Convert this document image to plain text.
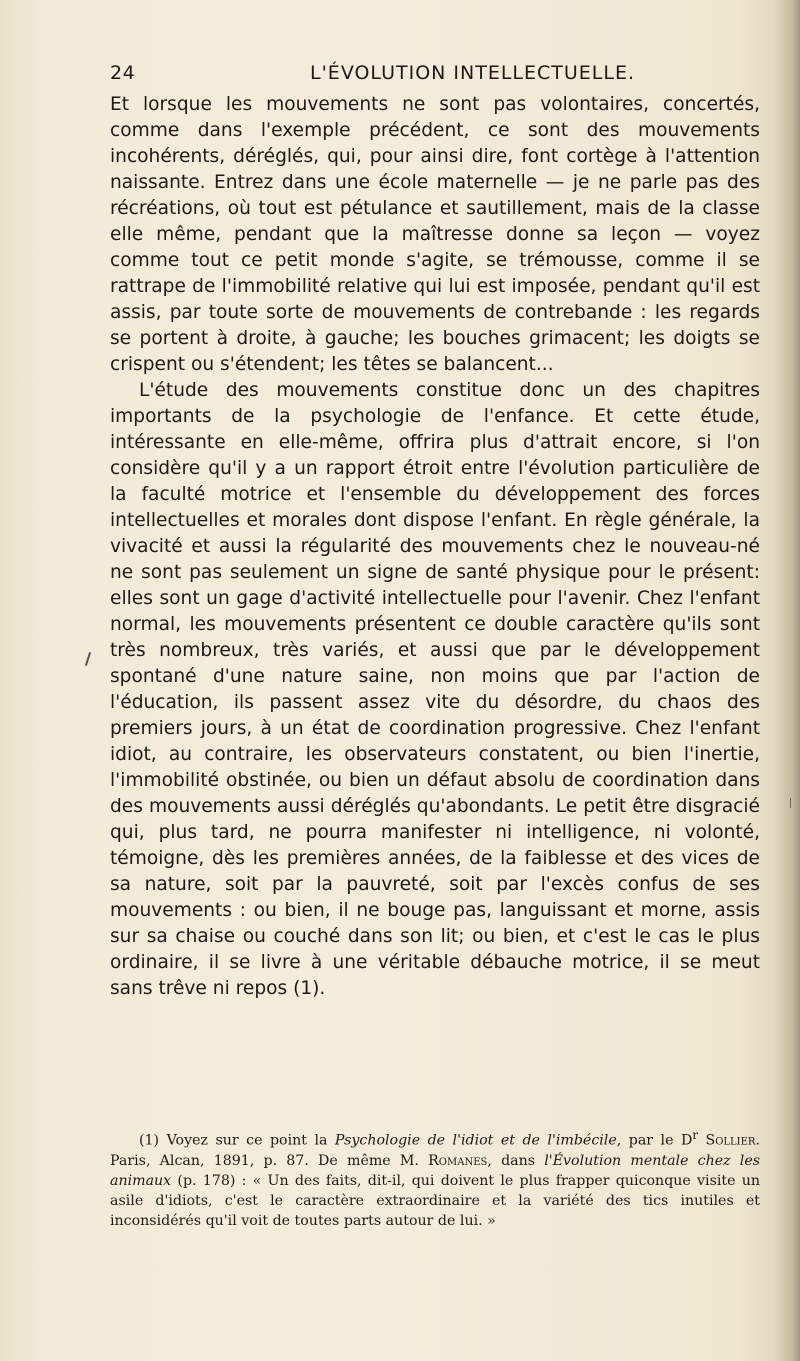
24	L'ÉVOLUTION INTELLECTUELLE.

Et lorsque les mouvements ne sont pas volontaires, concertés, comme dans l'exemple précédent, ce sont des mouvements incohérents, déréglés, qui, pour ainsi dire, font cortège à l'attention naissante. Entrez dans une école maternelle — je ne parle pas des récréations, où tout est pétulance et sautillement, mais de la classe elle même, pendant que la maîtresse donne sa leçon — voyez comme tout ce petit monde s'agite, se trémousse, comme il se rattrape de l'immobilité relative qui lui est imposée, pendant qu'il est assis, par toute sorte de mouvements de contrebande : les regards se portent à droite, à gauche; les bouches grimacent; les doigts se crispent ou s'étendent; les têtes se balancent...

L'étude des mouvements constitue donc un des chapitres importants de la psychologie de l'enfance. Et cette étude, intéressante en elle-même, offrira plus d'attrait encore, si l'on considère qu'il y a un rapport étroit entre l'évolution particulière de la faculté motrice et l'ensemble du développement des forces intellectuelles et morales dont dispose l'enfant. En règle générale, la vivacité et aussi la régularité des mouvements chez le nouveau-né ne sont pas seulement un signe de santé physique pour le présent: elles sont un gage d'activité intellectuelle pour l'avenir. Chez l'enfant normal, les mouvements présentent ce double caractère qu'ils sont très nombreux, très variés, et aussi que par le développement spontané d'une nature saine, non moins que par l'action de l'éducation, ils passent assez vite du désordre, du chaos des premiers jours, à un état de coordination progressive. Chez l'enfant idiot, au contraire, les observateurs constatent, ou bien l'inertie, l'immobilité obstinée, ou bien un défaut absolu de coordination dans des mouvements aussi déréglés qu'abondants. Le petit être disgracié qui, plus tard, ne pourra manifester ni intelligence, ni volonté, témoigne, dès les premières années, de la faiblesse et des vices de sa nature, soit par la pauvreté, soit par l'excès confus de ses mouvements : ou bien, il ne bouge pas, languissant et morne, assis sur sa chaise ou couché dans son lit; ou bien, et c'est le cas le plus ordinaire, il se livre à une véritable débauche motrice, il se meut sans trêve ni repos (1).

(1) Voyez sur ce point la Psychologie de l'idiot et de l'imbécile, par le $D^r$ Sollier. Paris, Alcan, 1891, p. 87. De même M. Romanes, dans l'Évolution mentale chez les animaux (p. 178) : « Un des faits, dit-il, qui doivent le plus frapper quiconque visite un asile d'idiots, c'est le caractère extraordinaire et la variété des tics inutiles et inconsidérés qu'il voit de toutes parts autour de lui. »
